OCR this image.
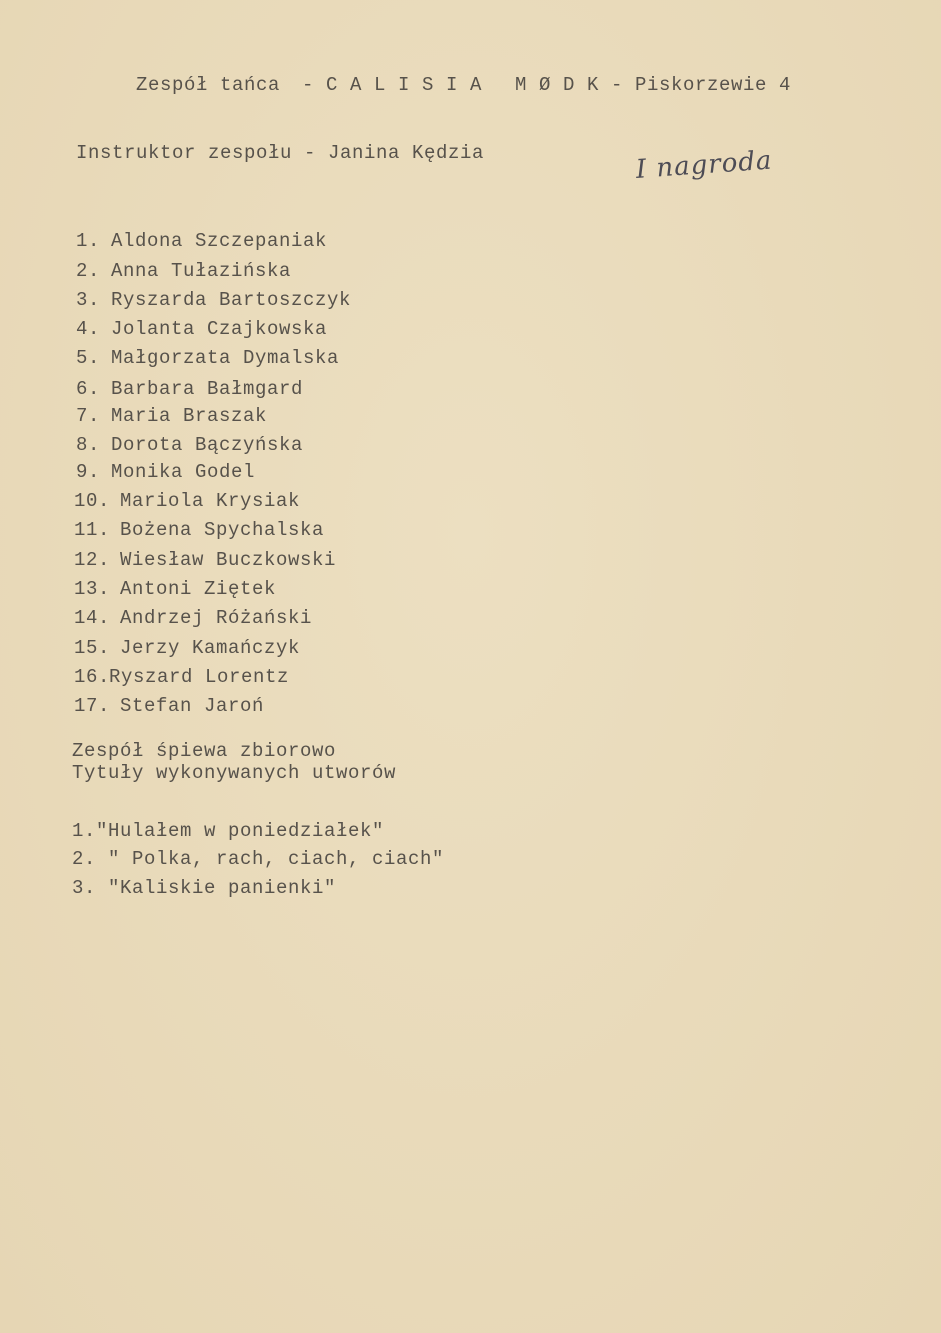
Zespół tańca - C A L I S I A M Ø D K - Piskorzewie 4
Instruktor zespołu - Janina Kędzia	I nagroda
1. Aldona Szczepaniak
2. Anna Tułazińska
3. Ryszarda Bartoszczyk
4. Jolanta Czajkowska
5. Małgorzata Dymalska
6. Barbara Bałmgard
7. Maria Braszak
8. Dorota Bączyńska
9. Monika Godel
10. Mariola Krysiak
11. Bożena Spychalska
12. Wiesław Buczkowski
13. Antoni Ziętek
14. Andrzej Różański
15. Jerzy Kamańczyk
16.
Ryszard Lorentz
17. Stefan Jaroń
Zespół śpiewa zbiorowo
Tytuły wykonywanych utworów
1."Hulałem w poniedziałek"
2. " Polka, rach, ciach, ciach"
3. "Kaliskie panienki"
